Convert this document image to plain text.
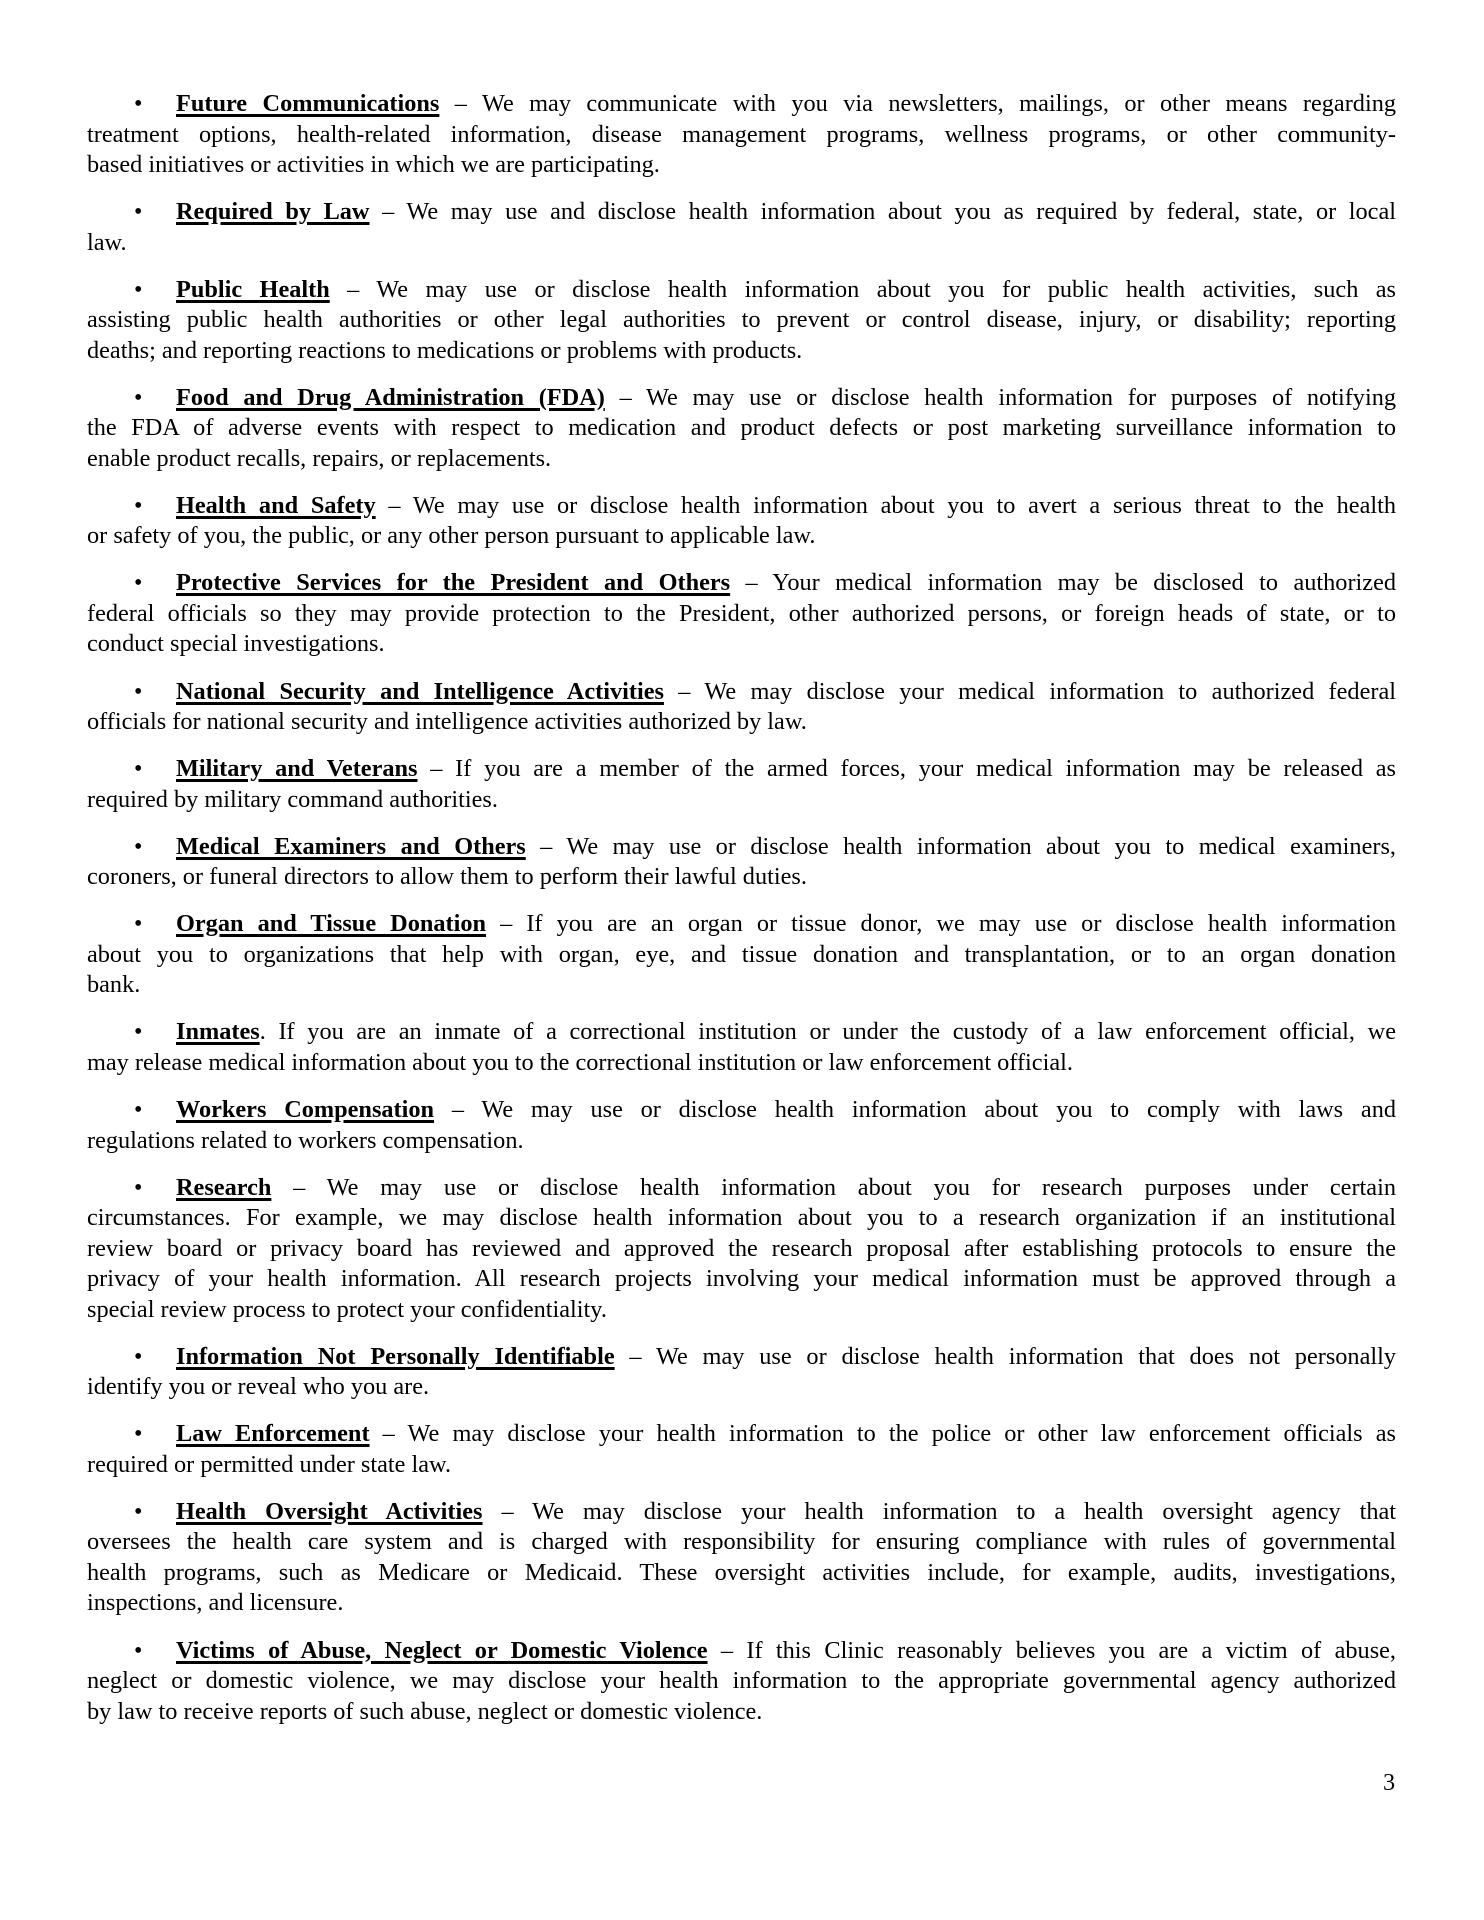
• Future Communications – We may communicate with you via newsletters, mailings, or other means regarding
treatment options, health-related information, disease management programs, wellness programs, or other community-
based initiatives or activities in which we are participating.
• Required by Law – We may use and disclose health information about you as required by federal, state, or local
law.
• Public Health – We may use or disclose health information about you for public health activities, such as
assisting public health authorities or other legal authorities to prevent or control disease, injury, or disability; reporting
deaths; and reporting reactions to medications or problems with products.
• Food and Drug Administration (FDA) – We may use or disclose health information for purposes of notifying
the FDA of adverse events with respect to medication and product defects or post marketing surveillance information to
enable product recalls, repairs, or replacements.
• Health and Safety – We may use or disclose health information about you to avert a serious threat to the health
or safety of you, the public, or any other person pursuant to applicable law.
• Protective Services for the President and Others – Your medical information may be disclosed to authorized
federal officials so they may provide protection to the President, other authorized persons, or foreign heads of state, or to
conduct special investigations.
• National Security and Intelligence Activities – We may disclose your medical information to authorized federal
officials for national security and intelligence activities authorized by law.
• Military and Veterans – If you are a member of the armed forces, your medical information may be released as
required by military command authorities.
• Medical Examiners and Others – We may use or disclose health information about you to medical examiners,
coroners, or funeral directors to allow them to perform their lawful duties.
• Organ and Tissue Donation – If you are an organ or tissue donor, we may use or disclose health information
about you to organizations that help with organ, eye, and tissue donation and transplantation, or to an organ donation
bank.
• Inmates. If you are an inmate of a correctional institution or under the custody of a law enforcement official, we
may release medical information about you to the correctional institution or law enforcement official.
• Workers Compensation – We may use or disclose health information about you to comply with laws and
regulations related to workers compensation.
• Research – We may use or disclose health information about you for research purposes under certain
circumstances. For example, we may disclose health information about you to a research organization if an institutional
review board or privacy board has reviewed and approved the research proposal after establishing protocols to ensure the
privacy of your health information. All research projects involving your medical information must be approved through a
special review process to protect your confidentiality.
• Information Not Personally Identifiable – We may use or disclose health information that does not personally
identify you or reveal who you are.
• Law Enforcement – We may disclose your health information to the police or other law enforcement officials as
required or permitted under state law.
• Health Oversight Activities – We may disclose your health information to a health oversight agency that
oversees the health care system and is charged with responsibility for ensuring compliance with rules of governmental
health programs, such as Medicare or Medicaid. These oversight activities include, for example, audits, investigations,
inspections, and licensure.
• Victims of Abuse, Neglect or Domestic Violence – If this Clinic reasonably believes you are a victim of abuse,
neglect or domestic violence, we may disclose your health information to the appropriate governmental agency authorized
by law to receive reports of such abuse, neglect or domestic violence.
3
